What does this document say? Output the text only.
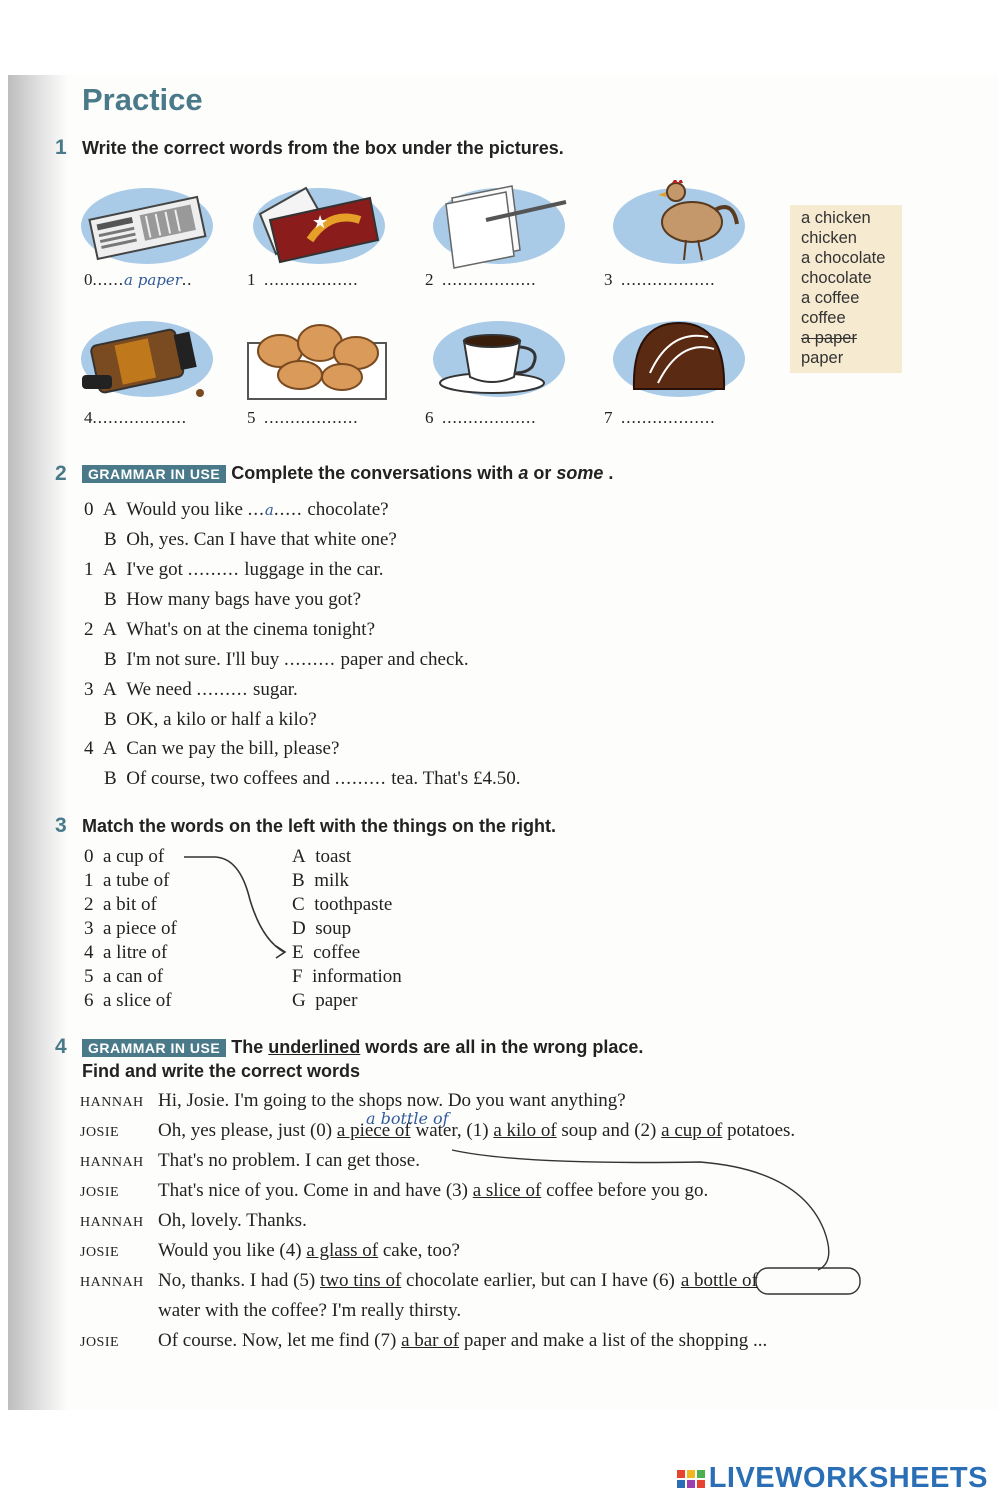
Practice
1 Write the correct words from the box under the pictures.
★
0......a paper..	1 ..................	2 ..................	3 ..................
4..................	5 ..................	6 ..................	7 ..................
a chicken
chicken
a chocolate
chocolate
a coffee
coffee
a paper
paper
2	GRAMMAR IN USE Complete the conversations with a or some .
0  A  Would you like ...a..... chocolate?
B  Oh, yes. Can I have that white one?
1  A  I've got ......... luggage in the car.
B  How many bags have you got?
2  A  What's on at the cinema tonight?
B  I'm not sure. I'll buy ......... paper and check.
3  A  We need ......... sugar.
B  OK, a kilo or half a kilo?
4  A  Can we pay the bill, please?
B  Of course, two coffees and ......... tea. That's £4.50.
3 Match the words on the left with the things on the right.
0 a cup of
1 a tube of
2 a bit of
3 a piece of
4 a litre of
5 a can of
6 a slice of
A toast
B milk
C toothpaste
D soup
E coffee
F information
G paper
4	GRAMMAR IN USE The underlined words are all in the wrong place.
Find and write the correct words
a bottle of
HANNAH Hi, Josie. I'm going to the shops now. Do you want anything?
JOSIE Oh, yes please, just (0) a piece of water, (1) a kilo of soup and (2) a cup of potatoes.
HANNAH That's no problem. I can get those.
JOSIE That's nice of you. Come in and have (3) a slice of coffee before you go.
HANNAH Oh, lovely. Thanks.
JOSIE Would you like (4) a glass of cake, too?
HANNAH No, thanks. I had (5) two tins of chocolate earlier, but can I have (6) a bottle of
water with the coffee? I'm really thirsty.
JOSIE Of course. Now, let me find (7) a bar of paper and make a list of the shopping ...
LIVEWORKSHEETS
